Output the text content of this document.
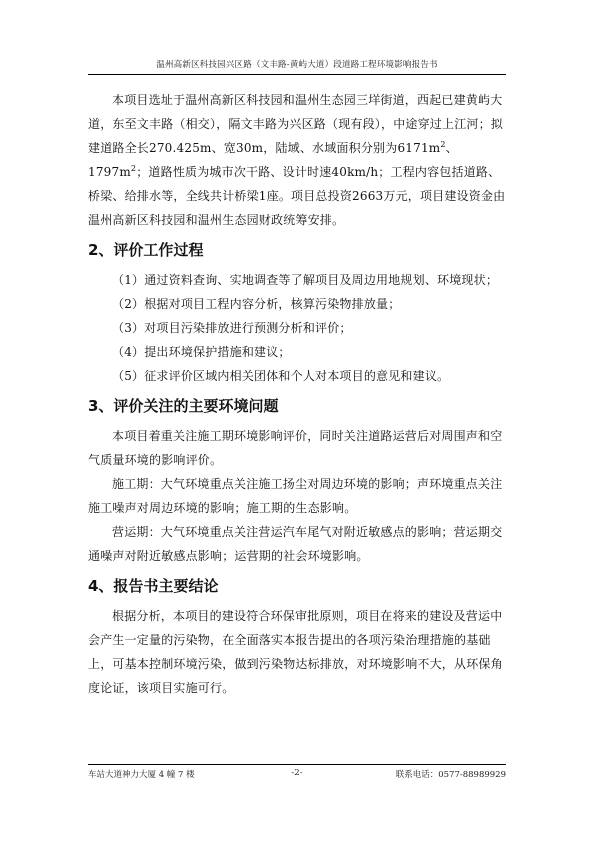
温州高新区科技园兴区路（文丰路-黄屿大道）段道路工程环境影响报告书

本项目选址于温州高新区科技园和温州生态园三垟街道，西起已建黄屿大道，东至文丰路（相交），隔文丰路为兴区路（现有段），中途穿过上江河；拟建道路全长270.425m、宽30m，陆域、水域面积分别为$6171m^2$、$1797m^2$；道路性质为城市次干路、设计时速40km/h；工程内容包括道路、桥梁、给排水等，全线共计桥梁1座。项目总投资2663万元，项目建设资金由温州高新区科技园和温州生态园财政统筹安排。

2、评价工作过程

（1）通过资料查询、实地调查等了解项目及周边用地规划、环境现状；

（2）根据对项目工程内容分析，核算污染物排放量；

（3）对项目污染排放进行预测分析和评价；

（4）提出环境保护措施和建议；

（5）征求评价区域内相关团体和个人对本项目的意见和建议。

3、评价关注的主要环境问题

本项目着重关注施工期环境影响评价，同时关注道路运营后对周围声和空气质量环境的影响评价。

施工期：大气环境重点关注施工扬尘对周边环境的影响；声环境重点关注施工噪声对周边环境的影响；施工期的生态影响。

营运期：大气环境重点关注营运汽车尾气对附近敏感点的影响；营运期交通噪声对附近敏感点影响；运营期的社会环境影响。

4、报告书主要结论

根据分析，本项目的建设符合环保审批原则，项目在将来的建设及营运中会产生一定量的污染物，在全面落实本报告提出的各项污染治理措施的基础上，可基本控制环境污染，做到污染物达标排放，对环境影响不大，从环保角度论证，该项目实施可行。

-2-
车站大道神力大厦 4 幢 7 楼	联系电话：0577-88989929
